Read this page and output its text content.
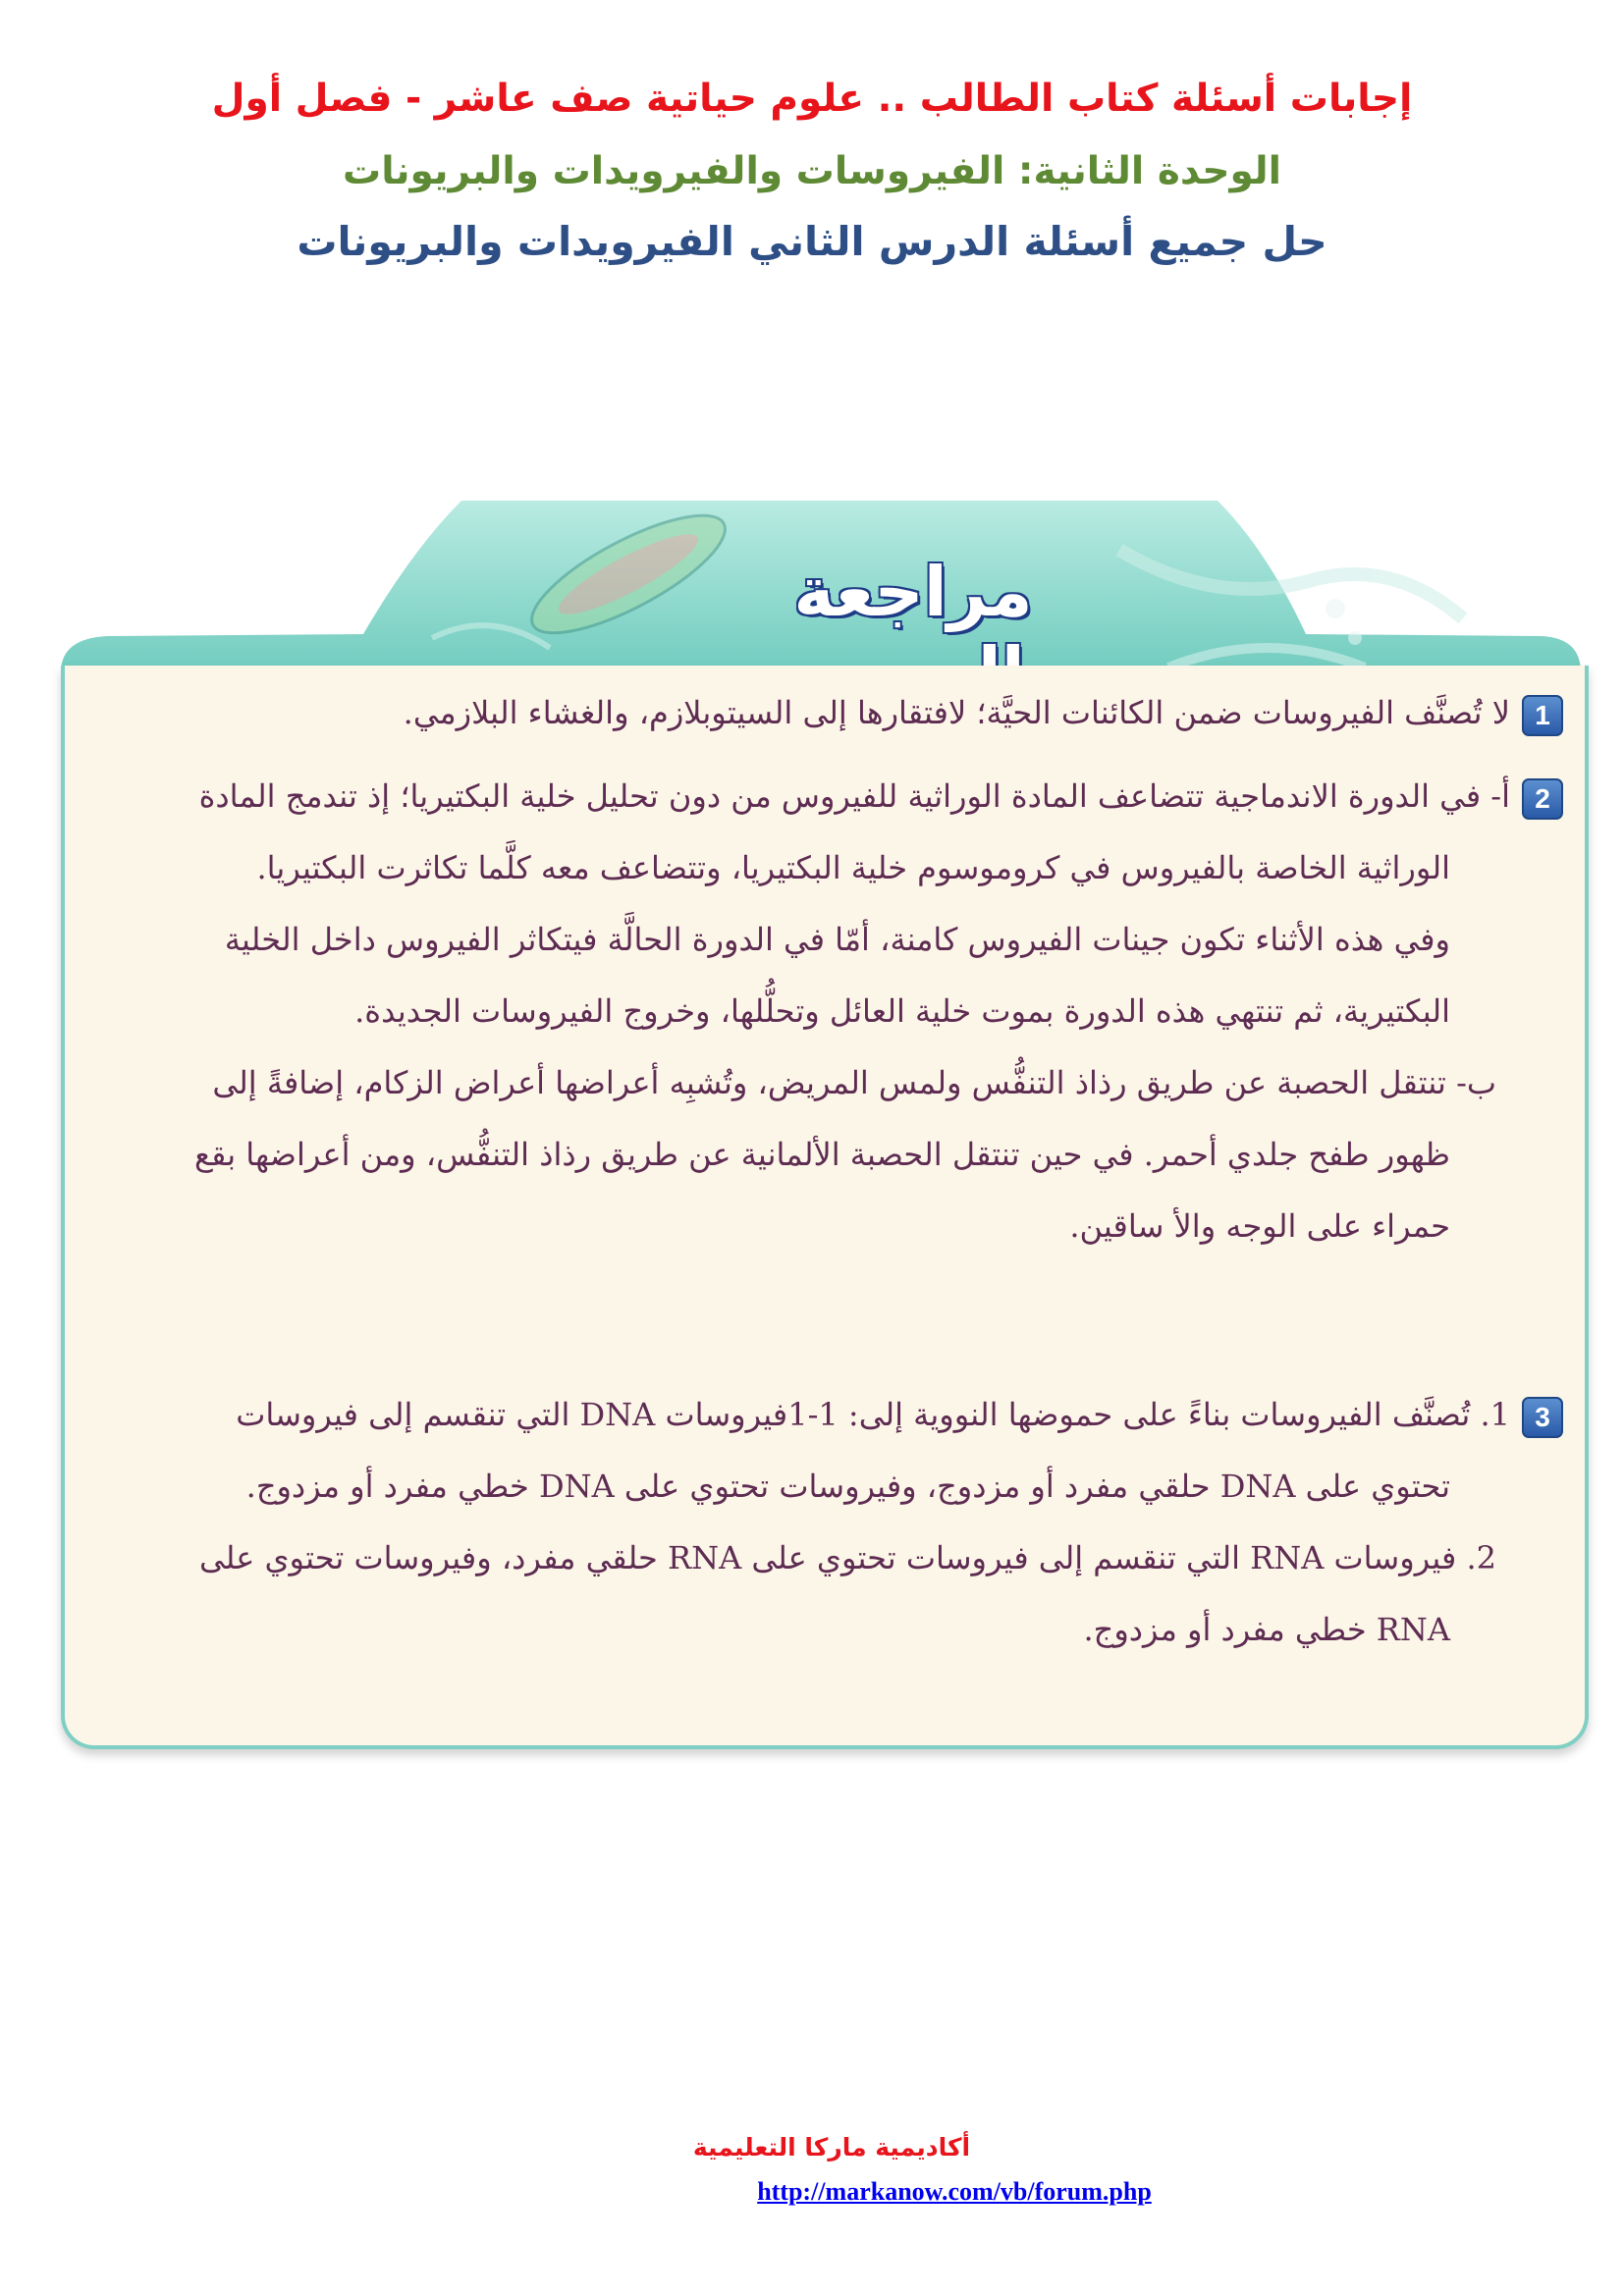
إجابات أسئلة كتاب الطالب .. علوم حياتية صف عاشر - فصل أول
الوحدة الثانية: الفيروسات والفيرويدات والبريونات
حل جميع أسئلة الدرس الثاني الفيرويدات والبريونات
مراجعة
1لا تُصنَّف الفيروسات ضمن الكائنات الحيَّة؛ لافتقارها إلى السيتوبلازم، والغشاء البلازمي.
2أ- في الدورة الاندماجية تتضاعف المادة الوراثية للفيروس من دون تحليل خلية البكتيريا؛ إذ تندمج المادة
الوراثية الخاصة بالفيروس في كروموسوم خلية البكتيريا، وتتضاعف معه كلَّما تكاثرت البكتيريا.
وفي هذه الأثناء تكون جينات الفيروس كامنة، أمّا في الدورة الحالَّة فيتكاثر الفيروس داخل الخلية
البكتيرية، ثم تنتهي هذه الدورة بموت خلية العائل وتحلُّلها، وخروج الفيروسات الجديدة.
ب- تنتقل الحصبة عن طريق رذاذ التنفُّس ولمس المريض، وتُشبِه أعراضها أعراض الزكام، إضافةً إلى
ظهور طفح جلدي أحمر. في حين تنتقل الحصبة الألمانية عن طريق رذاذ التنفُّس، ومن أعراضها بقع
حمراء على الوجه والأ ساقين.
31. تُصنَّف الفيروسات بناءً على حموضها النووية إلى: 1-1فيروسات DNA التي تنقسم إلى فيروسات
تحتوي على DNA حلقي مفرد أو مزدوج، وفيروسات تحتوي على DNA خطي مفرد أو مزدوج.
2. فيروسات RNA التي تنقسم إلى فيروسات تحتوي على RNA حلقي مفرد، وفيروسات تحتوي على
RNA خطي مفرد أو مزدوج.
أكاديمية ماركا التعليمية
http://markanow.com/vb/forum.php
